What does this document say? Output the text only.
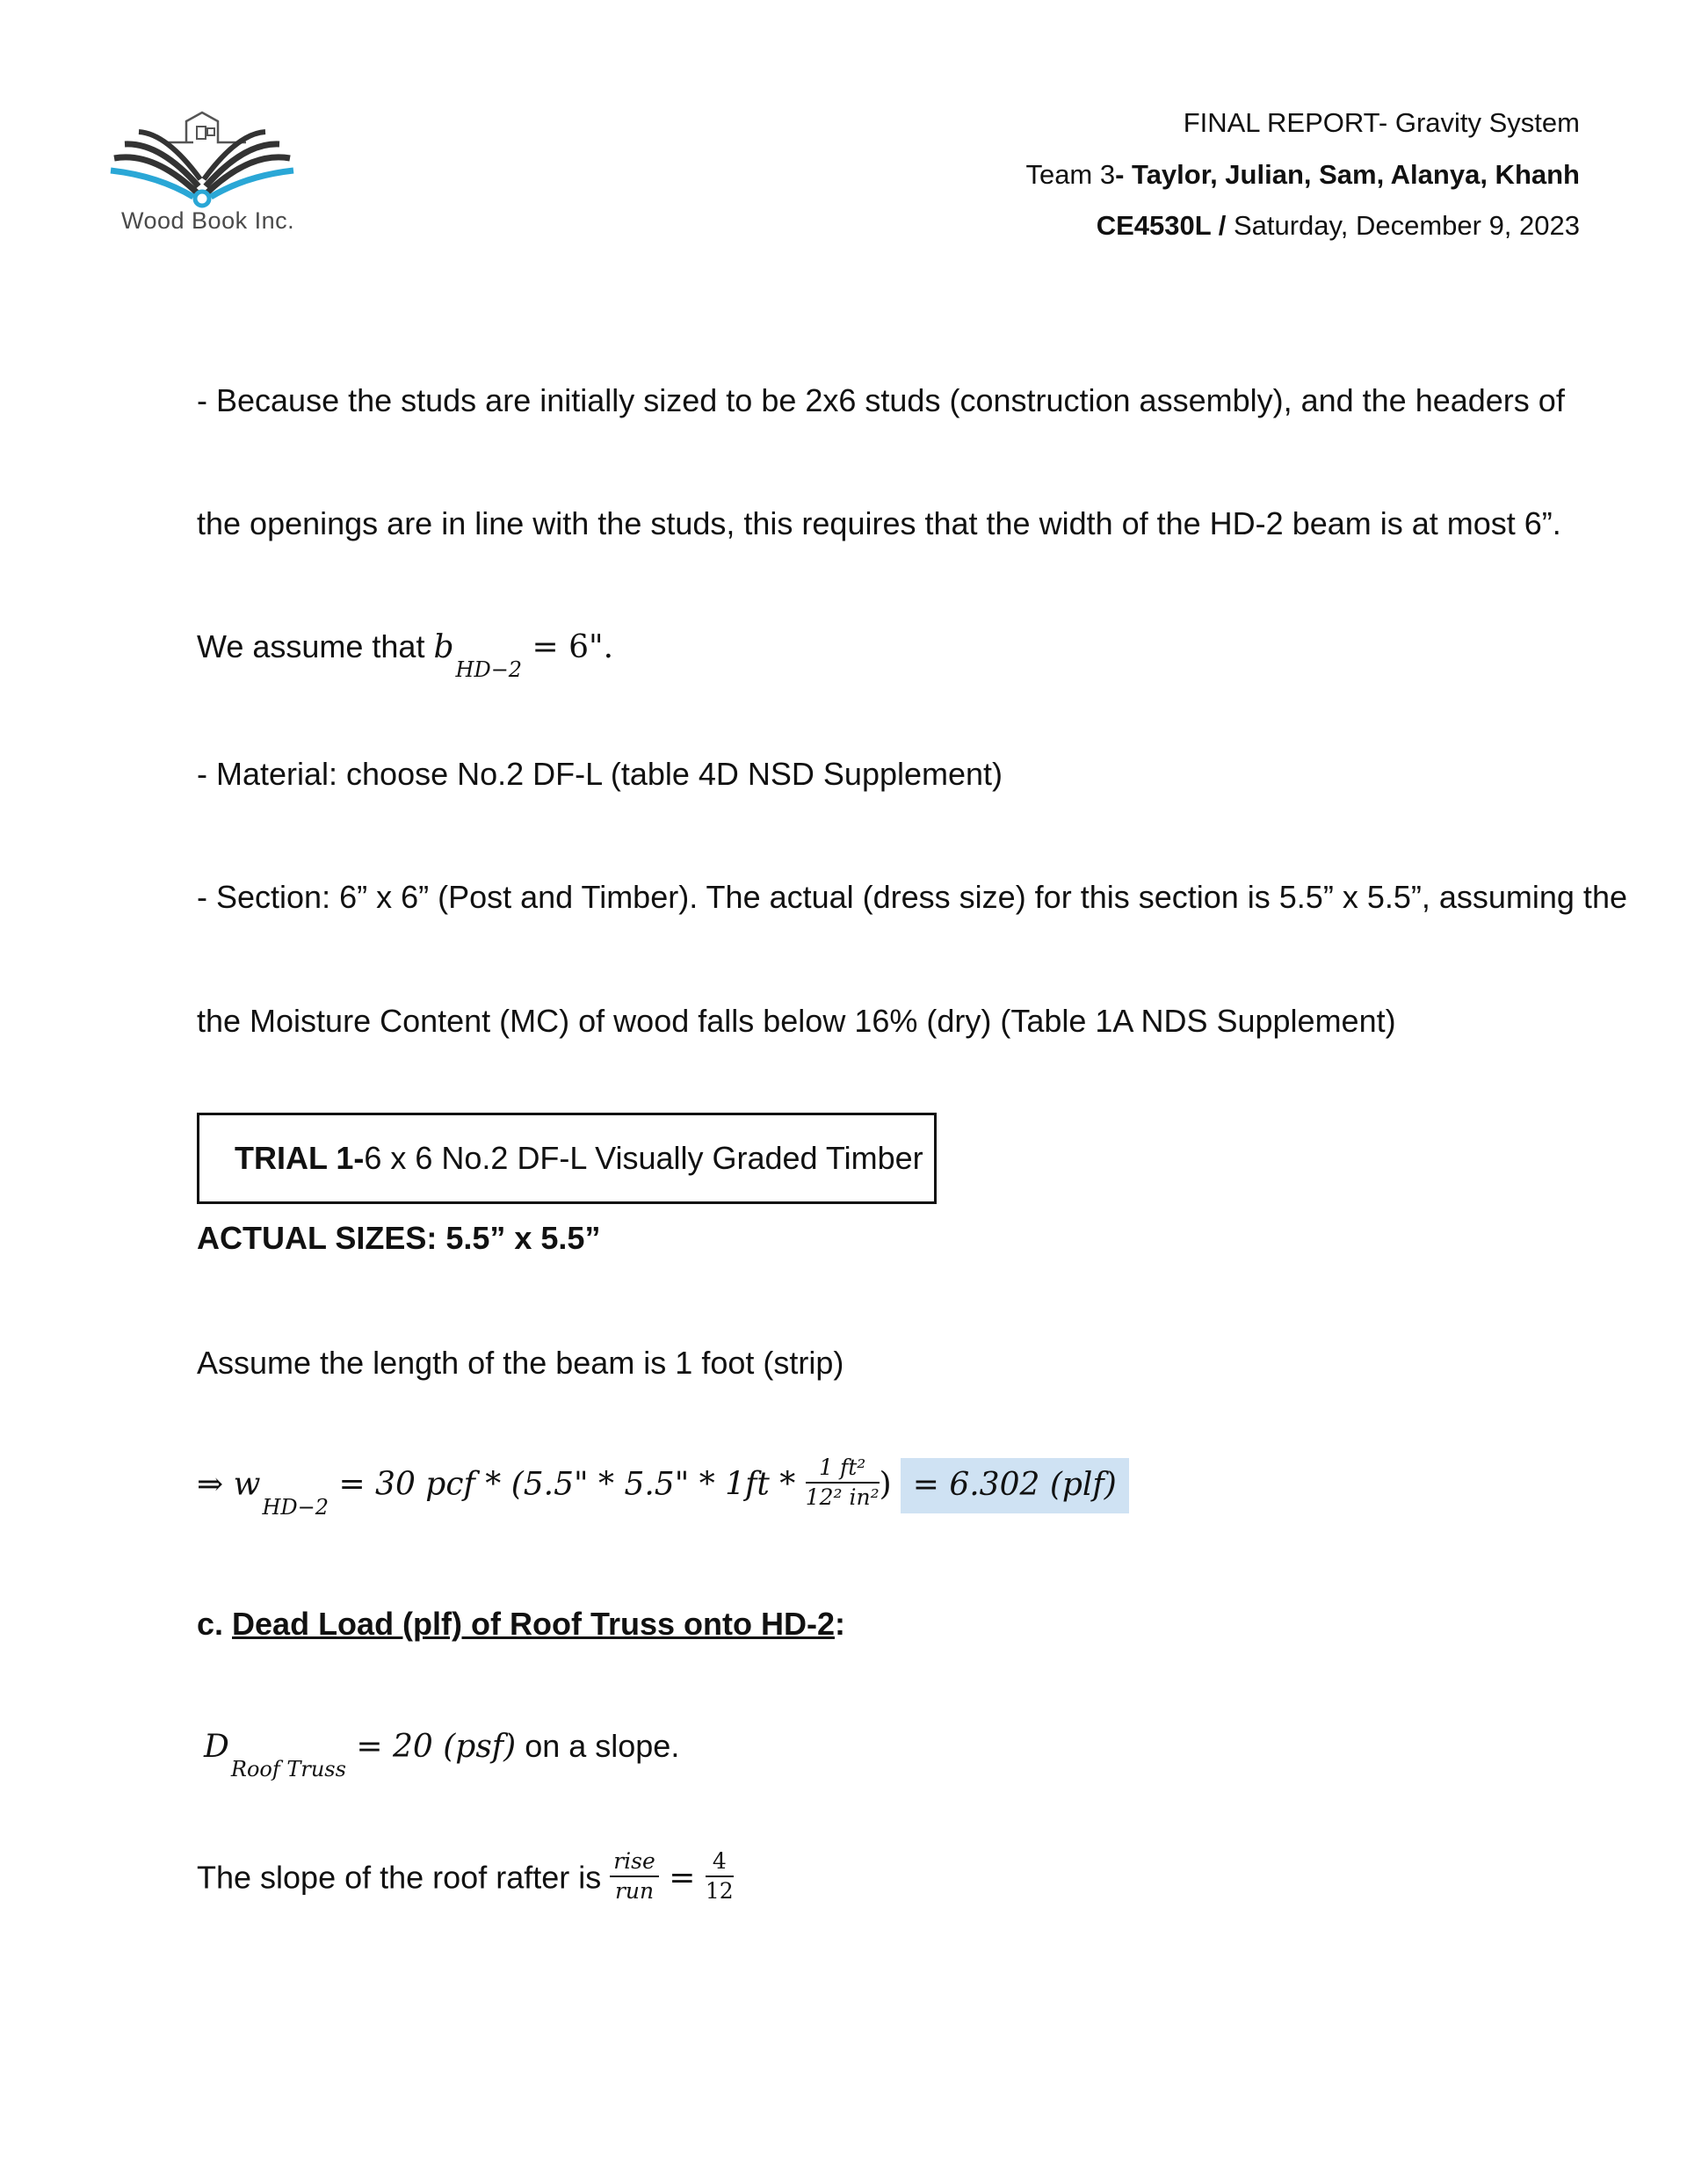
Wood Book Inc.
FINAL REPORT- Gravity System
Team 3- Taylor, Julian, Sam, Alanya, Khanh
CE4530L / Saturday, December 9, 2023
- Because the studs are initially sized to be 2x6 studs (construction assembly), and the headers of
the openings are in line with the studs, this requires that the width of the HD-2 beam is at most 6”.
We assume that $b_{HD-2} = 6$".
- Material: choose No.2 DF-L (table 4D NSD Supplement)
- Section: 6” x 6” (Post and Timber). The actual (dress size) for this section is 5.5” x 5.5”, assuming the
the Moisture Content (MC) of wood falls below 16% (dry) (Table 1A NDS Supplement)
TRIAL 1- 6 x 6 No.2 DF-L Visually Graded Timber
ACTUAL SIZES: 5.5” x 5.5”
Assume the length of the beam is 1 foot (strip)
⇒ $w_{HD-2} = 30$ pcf * (5.5" * 5.5" * $1ft * \frac{\text{1 ft²}}{\text{12² in²}}$ ) = 6.302 (plf)
c. Dead Load (plf) of Roof Truss onto HD-2:
$D_{Roof Truss} = 20$ (psf) on a slope.
The slope of the roof rafter is $\frac{\text{rise}}{\text{run}} = \frac{4}{12}$
